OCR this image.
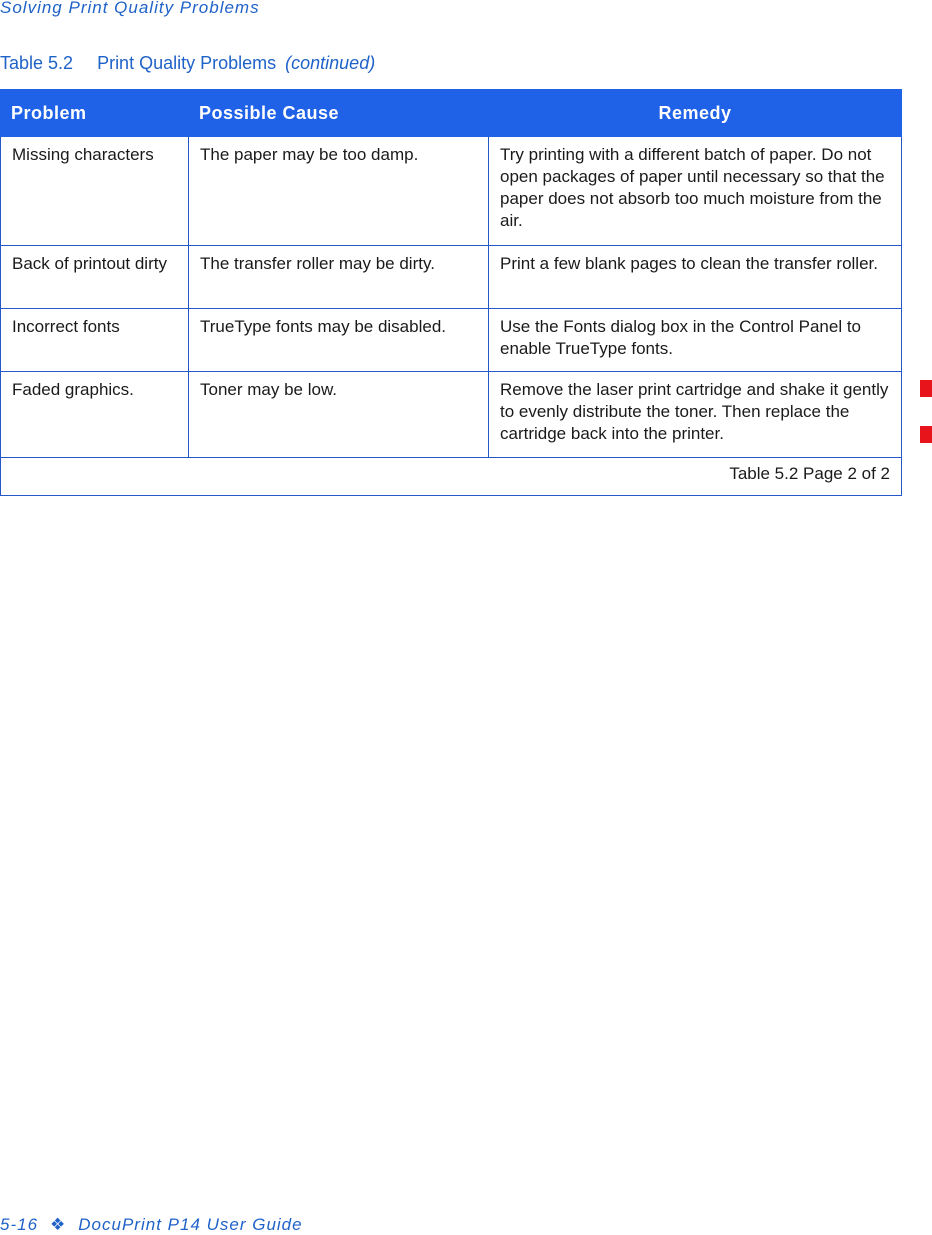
Solving Print Quality Problems
Table 5.2 Print Quality Problems (continued)
Problem	Possible Cause	Remedy
Missing characters	The paper may be too damp.	Try printing with a different batch of paper. Do not open packages of paper until necessary so that the paper does not absorb too much moisture from the air.
Back of printout dirty	The transfer roller may be dirty.	Print a few blank pages to clean the transfer roller.
Incorrect fonts	TrueType fonts may be disabled.	Use the Fonts dialog box in the Control Panel to enable TrueType fonts.
Faded graphics.	Toner may be low.	Remove the laser print cartridge and shake it gently to evenly distribute the toner. Then replace the cartridge back into the printer.
Table 5.2 Page 2 of 2		
5-16 ❖ DocuPrint P14 User Guide
